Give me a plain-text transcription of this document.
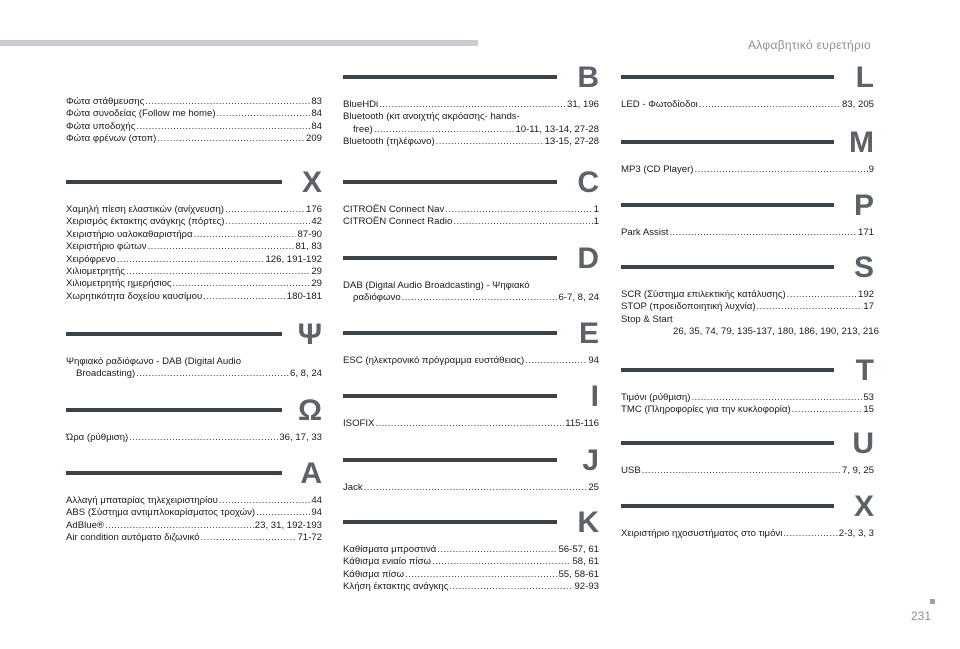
Αλφαβητικό ευρετήριο
Φώτα στάθμευσης .....	83
Φώτα συνοδείας (Follow me home) .....	84
Φώτα υποδοχής .....	84
Φώτα φρένων (στοπ) .....	209
Χ
Χαμηλή πίεση ελαστικών (ανίχνευση) .....	176
Χειρισμός έκτακτης ανάγκης (πόρτες) .....	42
Χειριστήριο υαλοκαθαριστήρα .....	87-90
Χειριστήριο φώτων .....	81, 83
Χειρόφρενο .....	126, 191-192
Χιλιομετρητής .....	29
Χιλιομετρητής ημερήσιος .....	29
Χωρητικότητα δοχείου καυσίμου .....	180-181
Ψ
Ψηφιακό ραδιόφωνο - DAB (Digital Audio
Broadcasting) .....	6, 8, 24
Ω
Ώρα (ρύθμιση) .....	36, 17, 33
A
Αλλαγή μπαταρίας τηλεχειριστηρίου .....	44
ABS (Σύστημα αντιμπλοκαρίσματος τροχών) .....	94
AdBlue® .....	23, 31, 192-193
Air condition αυτόματο διζωνικό .....	71-72
B
BlueHDi .....	31, 196
Bluetooth (κιτ ανοιχτής ακρόασης- hands-
free) .....	10-11, 13-14, 27-28
Bluetooth (τηλέφωνο) .....	13-15, 27-28
C
CITROËN Connect Nav .....	1
CITROËN Connect Radio .....	1
D
DAB (Digital Audio Broadcasting) - Ψηφιακό
ραδιόφωνο .....	6-7, 8, 24
E
ESC (ηλεκτρονικό πρόγραμμα ευστάθειας) .....	94
I
ISOFIX .....	115-116
J
Jack .....	25
K
Καθίσματα μπροστινά .....	56-57, 61
Κάθισμα ενιαίο πίσω .....	58, 61
Κάθισμα πίσω .....	55, 58-61
Κλήση έκτακτης ανάγκης .....	92-93
L
LED - Φωτοδίοδοι .....	83, 205
M
MP3 (CD Player) .....	9
P
Park Assist .....	171
S
SCR (Σύστημα επιλεκτικής κατάλυσης) .....	192
STOP (προειδοποιητική λυχνία) .....	17
Stop & Start
26, 35, 74, 79, 135-137, 180, 186, 190, 213, 216
T
Τιμόνι (ρύθμιση) .....	53
TMC (Πληροφορίες για την κυκλοφορία) .....	15
U
USB .....	7, 9, 25
X
Χειριστήριο ηχοσυστήματος στο τιμόνι .....	2-3, 3, 3
231
